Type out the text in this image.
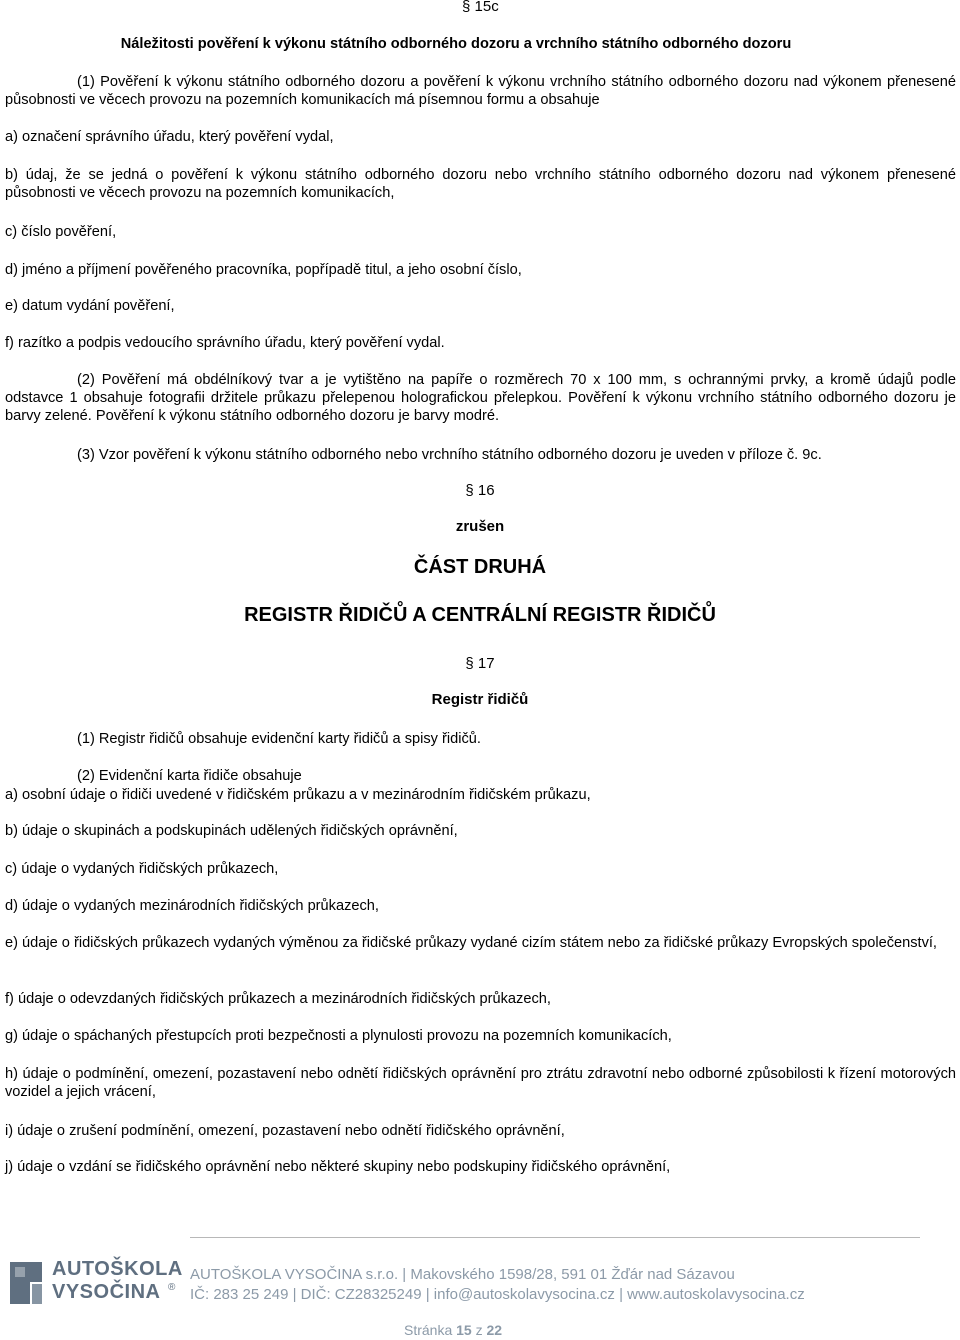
§ 15c
Náležitosti pověření k výkonu státního odborného dozoru a vrchního státního odborného dozoru

(1) Pověření k výkonu státního odborného dozoru a pověření k výkonu vrchního státního odborného dozoru nad výkonem přenesené působnosti ve věcech provozu na pozemních komunikacích má písemnou formu a obsahuje

a) označení správního úřadu, který pověření vydal,

b) údaj, že se jedná o pověření k výkonu státního odborného dozoru nebo vrchního státního odborného dozoru nad výkonem přenesené působnosti ve věcech provozu na pozemních komunikacích,

c) číslo pověření,

d) jméno a příjmení pověřeného pracovníka, popřípadě titul, a jeho osobní číslo,

e) datum vydání pověření,

f) razítko a podpis vedoucího správního úřadu, který pověření vydal.

(2) Pověření má obdélníkový tvar a je vytištěno na papíře o rozměrech 70 x 100 mm, s ochrannými prvky, a kromě údajů podle odstavce 1 obsahuje fotografii držitele průkazu přelepenou holografickou přelepkou. Pověření k výkonu vrchního státního odborného dozoru je barvy zelené. Pověření k výkonu státního odborného dozoru je barvy modré.

(3) Vzor pověření k výkonu státního odborného nebo vrchního státního odborného dozoru je uveden v příloze č. 9c.

§ 16
zrušen
ČÁST DRUHÁ
REGISTR ŘIDIČŮ A CENTRÁLNÍ REGISTR ŘIDIČŮ
§ 17
Registr řidičů

(1) Registr řidičů obsahuje evidenční karty řidičů a spisy řidičů.

(2) Evidenční karta řidiče obsahuje

a) osobní údaje o řidiči uvedené v řidičském průkazu a v mezinárodním řidičském průkazu,

b) údaje o skupinách a podskupinách udělených řidičských oprávnění,

c) údaje o vydaných řidičských průkazech,

d) údaje o vydaných mezinárodních řidičských průkazech,

e) údaje o řidičských průkazech vydaných výměnou za řidičské průkazy vydané cizím státem nebo za řidičské průkazy Evropských společenství,

f) údaje o odevzdaných řidičských průkazech a mezinárodních řidičských průkazech,

g) údaje o spáchaných přestupcích proti bezpečnosti a plynulosti provozu na pozemních komunikacích,

h) údaje o podmínění, omezení, pozastavení nebo odnětí řidičských oprávnění pro ztrátu zdravotní nebo odborné způsobilosti k řízení motorových vozidel a jejich vrácení,

i) údaje o zrušení podmínění, omezení, pozastavení nebo odnětí řidičského oprávnění,

j) údaje o vzdání se řidičského oprávnění nebo některé skupiny nebo podskupiny řidičského oprávnění,

AUTOŠKOLA
VYSOČINA ®
AUTOŠKOLA VYSOČINA s.r.o. | Makovského 1598/28, 591 01 Žďár nad Sázavou
IČ: 283 25 249 | DIČ: CZ28325249 | info@autoskolavysocina.cz | www.autoskolavysocina.cz
Stránka 15 z 22
